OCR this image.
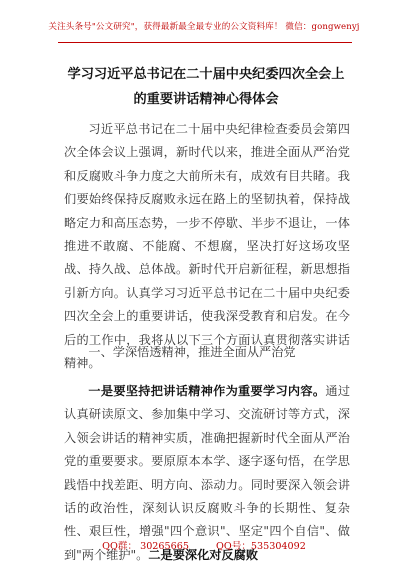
关注头条号"公文研究"，获得最新最全最专业的公文资料库！ 微信：gongwenyj
学习习近平总书记在二十届中央纪委四次全会上的重要讲话精神心得体会
习近平总书记在二十届中央纪律检查委员会第四次全体会议上强调，新时代以来，推进全面从严治党和反腐败斗争力度之大前所未有，成效有目共睹。我们要始终保持反腐败永远在路上的坚韧执着，保持战略定力和高压态势，一步不停歇、半步不退让，一体推进不敢腐、不能腐、不想腐，坚决打好这场攻坚战、持久战、总体战。新时代开启新征程，新思想指引新方向。认真学习习近平总书记在二十届中央纪委四次全会上的重要讲话，使我深受教育和启发。在今后的工作中，我将从以下三个方面认真贯彻落实讲话精神。
一、学深悟透精神，推进全面从严治党
一是要坚持把讲话精神作为重要学习内容。通过认真研读原文、参加集中学习、交流研讨等方式，深入领会讲话的精神实质，准确把握新时代全面从严治党的重要要求。要原原本本学、逐字逐句悟，在学思践悟中找差距、明方向、添动力。同时要深入领会讲话的政治性，深刻认识反腐败斗争的长期性、复杂性、艰巨性，增强"四个意识"、坚定"四个自信"、做到"两个维护"。二是要深化对反腐败
QQ群： 30265665	QQ号：535304092
